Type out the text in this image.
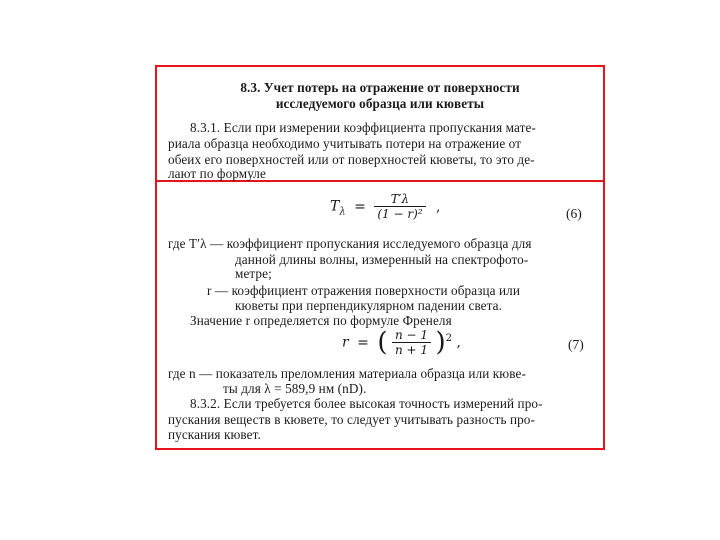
8.3. Учет потерь на отражение от поверхности
исследуемого образца или кюветы
8.3.1. Если при измерении коэффициента пропускания мате-
риала образца необходимо учитывать потери на отражение от
обеих его поверхностей или от поверхностей кюветы, то это де-
лают по формуле
$T_\lambda = \frac{T'\lambda}{\text{(1 − r)²}}$ ,	(6)
где T′λ — коэффициент пропускания исследуемого образца для
данной длины волны, измеренный на спектрофото-
метре;
r — коэффициент отражения поверхности образца или
кюветы при перпендикулярном падении света.
Значение r определяется по формуле Френеля
r = ( $\frac{n - 1}{n + 1} )^2$ ,	(7)
где n — показатель преломления материала образца или кюве-
ты для λ = 589,9 нм (nD).
8.3.2. Если требуется более высокая точность измерений про-
пускания веществ в кювете, то следует учитывать разность про-
пускания кювет.
